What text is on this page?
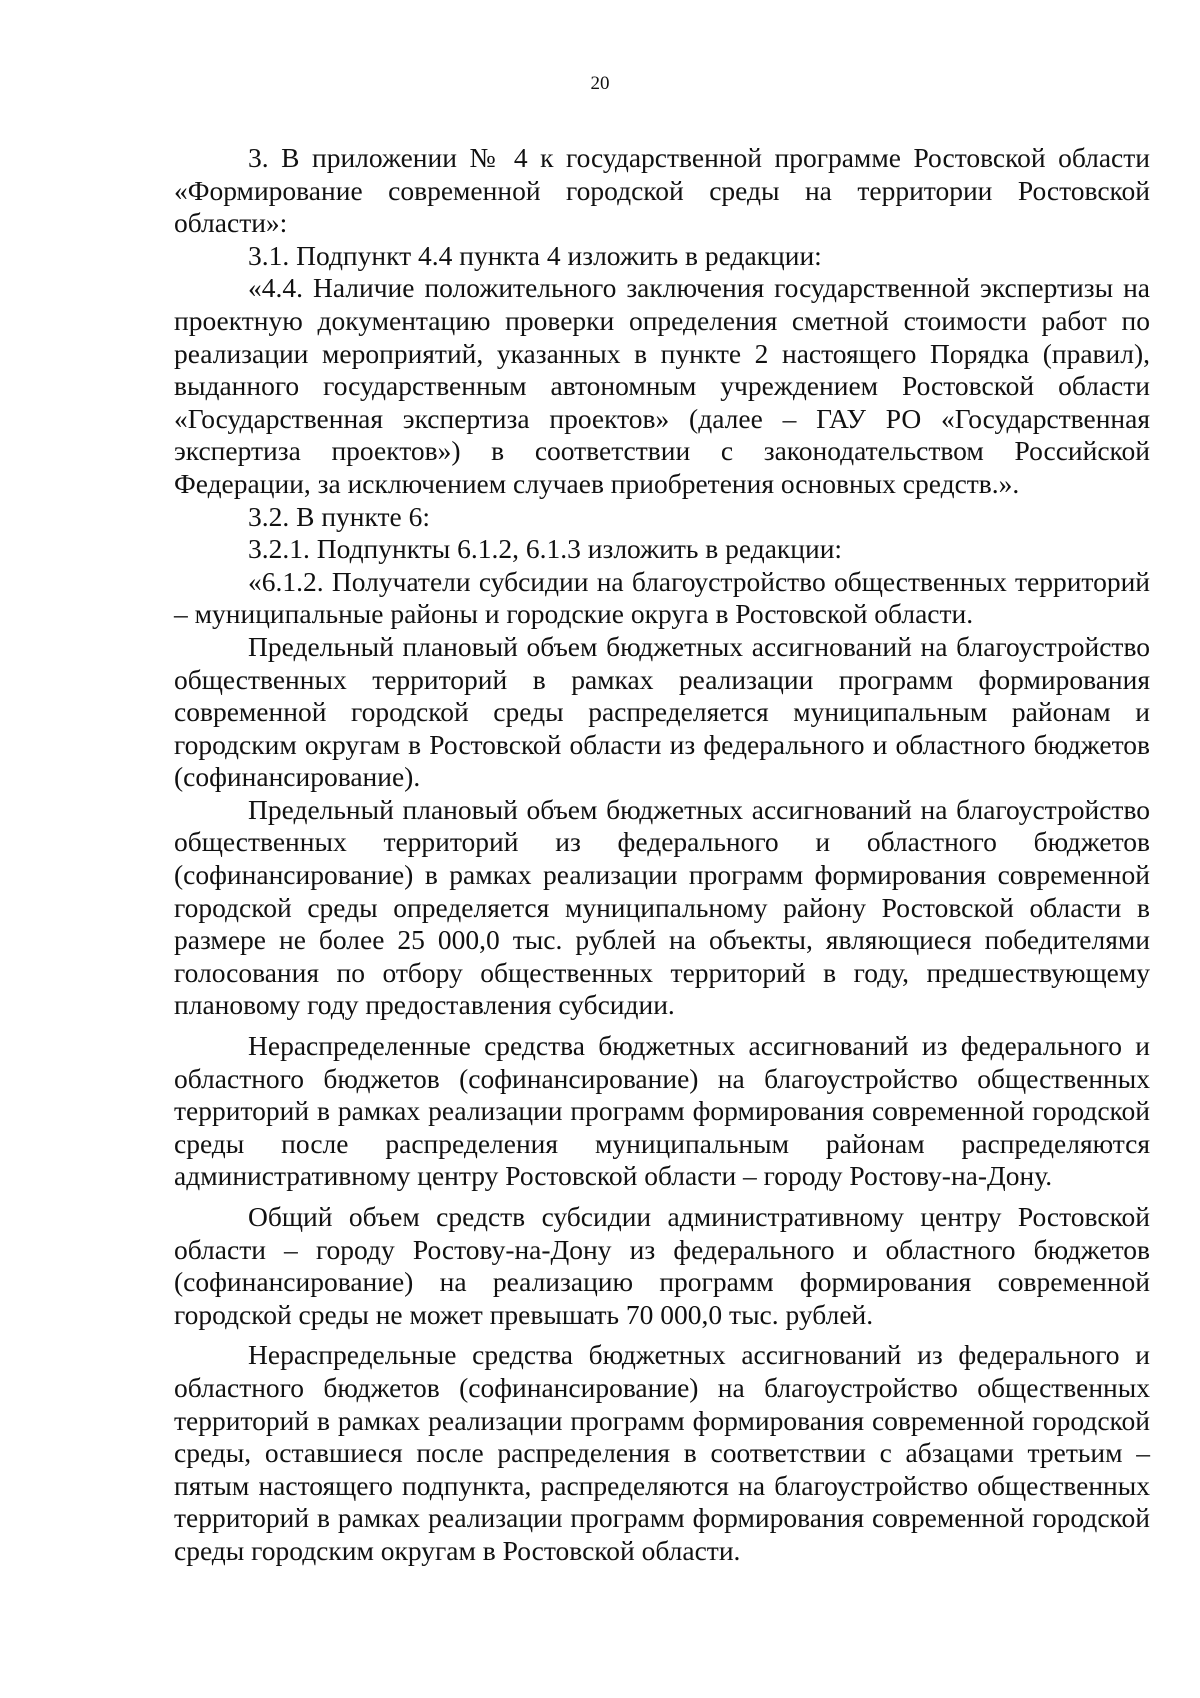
20

3. В приложении № 4 к государственной программе Ростовской области «Формирование современной городской среды на территории Ростовской области»:

3.1. Подпункт 4.4 пункта 4 изложить в редакции:

«4.4. Наличие положительного заключения государственной экспертизы на проектную документацию проверки определения сметной стоимости работ по реализации мероприятий, указанных в пункте 2 настоящего Порядка (правил), выданного государственным автономным учреждением Ростовской области «Государственная экспертиза проектов» (далее – ГАУ РО «Государственная экспертиза проектов») в соответствии с законодательством Российской Федерации, за исключением случаев приобретения основных средств.».

3.2. В пункте 6:

3.2.1. Подпункты 6.1.2, 6.1.3 изложить в редакции:

«6.1.2. Получатели субсидии на благоустройство общественных территорий – муниципальные районы и городские округа в Ростовской области.

Предельный плановый объем бюджетных ассигнований на благоустройство общественных территорий в рамках реализации программ формирования современной городской среды распределяется муниципальным районам и городским округам в Ростовской области из федерального и областного бюджетов (софинансирование).

Предельный плановый объем бюджетных ассигнований на благоустройство общественных территорий из федерального и областного бюджетов (софинансирование) в рамках реализации программ формирования современной городской среды определяется муниципальному району Ростовской области в размере не более 25 000,0 тыс. рублей на объекты, являющиеся победителями голосования по отбору общественных территорий в году, предшествующему плановому году предоставления субсидии.

Нераспределенные средства бюджетных ассигнований из федерального и областного бюджетов (софинансирование) на благоустройство общественных территорий в рамках реализации программ формирования современной городской среды после распределения муниципальным районам распределяются административному центру Ростовской области – городу Ростову-на-Дону.

Общий объем средств субсидии административному центру Ростовской области – городу Ростову-на-Дону из федерального и областного бюджетов (софинансирование) на реализацию программ формирования современной городской среды не может превышать 70 000,0 тыс. рублей.

Нераспредельные средства бюджетных ассигнований из федерального и областного бюджетов (софинансирование) на благоустройство общественных территорий в рамках реализации программ формирования современной городской среды, оставшиеся после распределения в соответствии с абзацами третьим – пятым настоящего подпункта, распределяются на благоустройство общественных территорий в рамках реализации программ формирования современной городской среды городским округам в Ростовской области.
